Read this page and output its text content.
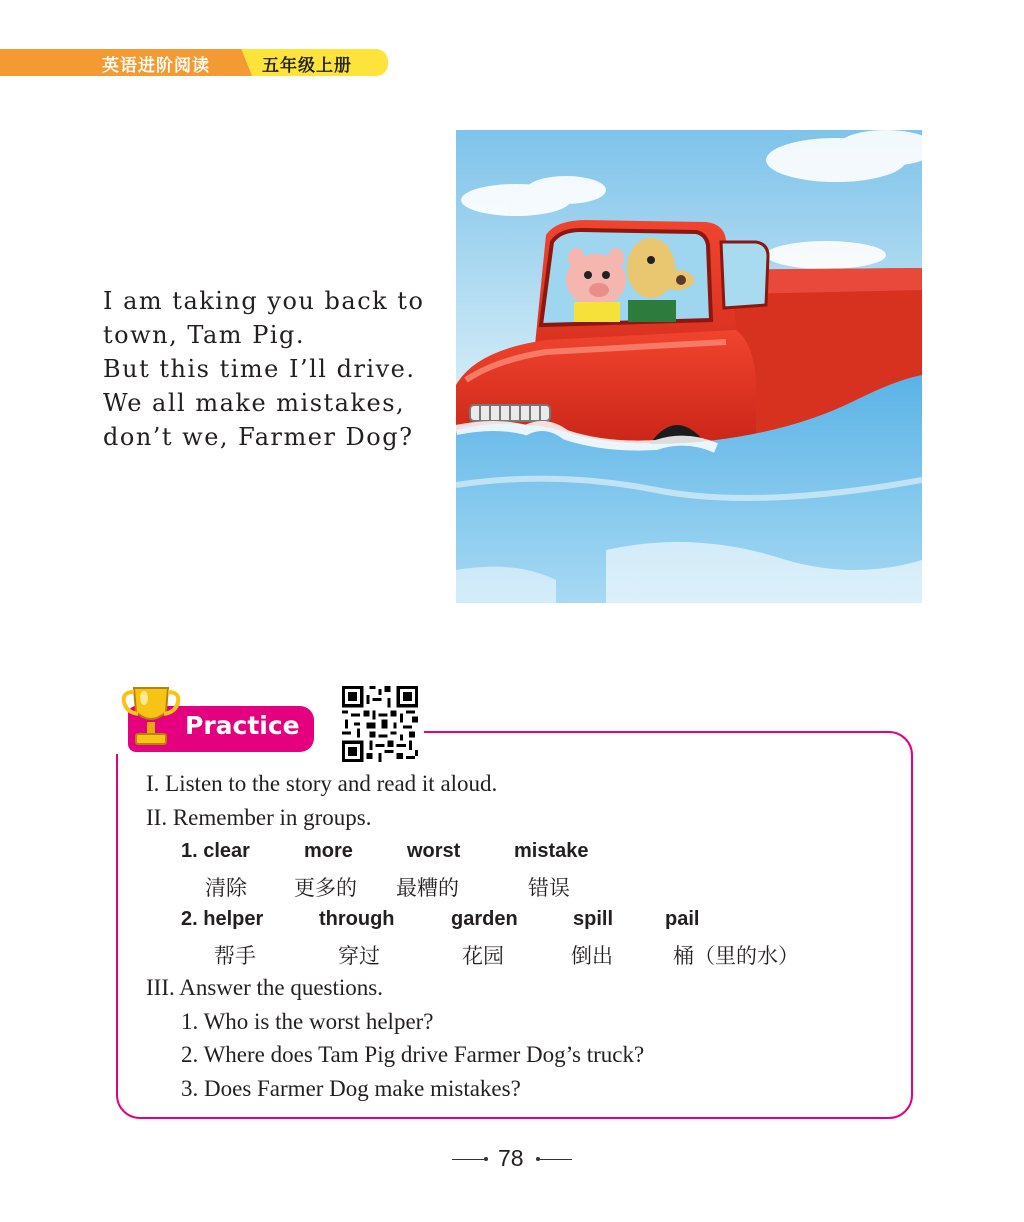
英语进阶阅读	五年级上册
I am taking you back to
town, Tam Pig.
But this time I’ll drive.
We all make mistakes,
don’t we, Farmer Dog?
Practice
I. Listen to the story and read it aloud.
II. Remember in groups.
1. clear	more	worst	mistake
清除 更多的 最糟的	错误
2. helper	through	garden	spill	pail
帮手	穿过	花园	倒出	桶（里的水）
III. Answer the questions.
1. Who is the worst helper?
2. Where does Tam Pig drive Farmer Dog’s truck?
3. Does Farmer Dog make mistakes?
78
